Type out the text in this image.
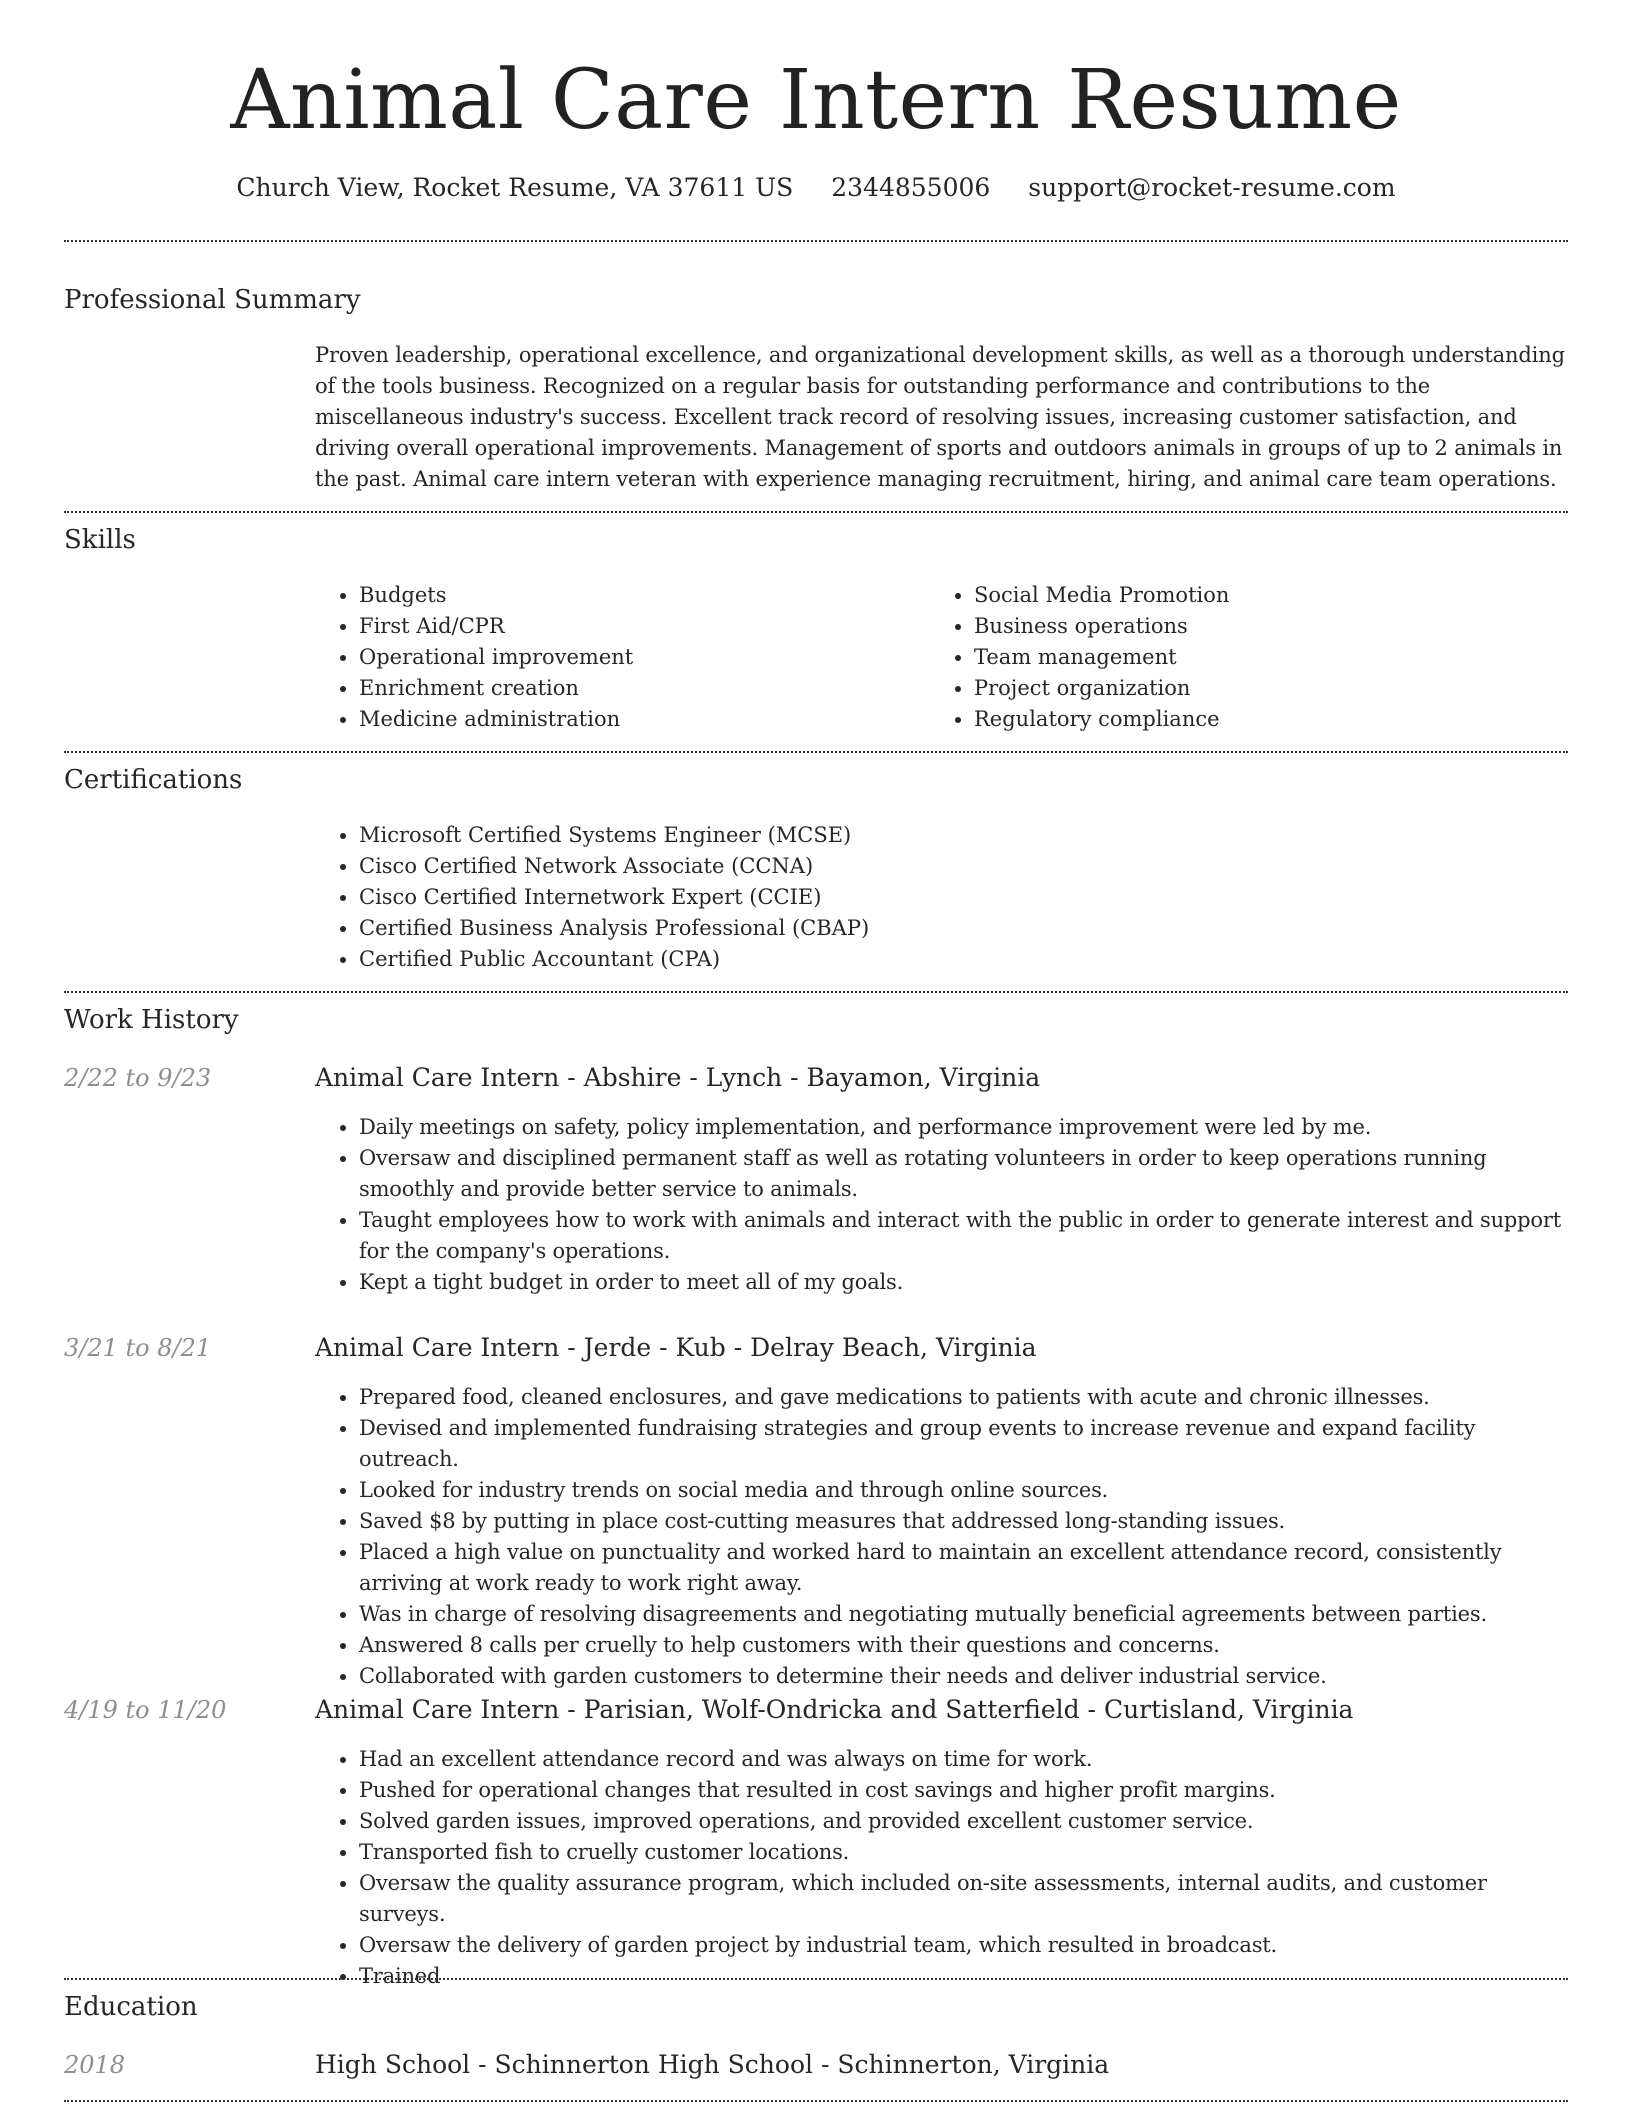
Animal Care Intern Resume
Church View, Rocket Resume, VA 37611 US 2344855006 support@rocket-resume.com
Professional Summary
Proven leadership, operational excellence, and organizational development skills, as well as a thorough understanding of the tools business. Recognized on a regular basis for outstanding performance and contributions to the miscellaneous industry's success. Excellent track record of resolving issues, increasing customer satisfaction, and driving overall operational improvements. Management of sports and outdoors animals in groups of up to 2 animals in the past. Animal care intern veteran with experience managing recruitment, hiring, and animal care team operations.
Skills
• Budgets
• First Aid/CPR
• Operational improvement
• Enrichment creation
• Medicine administration
• Social Media Promotion
• Business operations
• Team management
• Project organization
• Regulatory compliance
Certifications
• Microsoft Certified Systems Engineer (MCSE)
• Cisco Certified Network Associate (CCNA)
• Cisco Certified Internetwork Expert (CCIE)
• Certified Business Analysis Professional (CBAP)
• Certified Public Accountant (CPA)
Work History
2/22 to 9/23	Animal Care Intern - Abshire - Lynch - Bayamon, Virginia
• Daily meetings on safety, policy implementation, and performance improvement were led by me.
• Oversaw and disciplined permanent staff as well as rotating volunteers in order to keep operations running smoothly and provide better service to animals.
• Taught employees how to work with animals and interact with the public in order to generate interest and support for the company's operations.
• Kept a tight budget in order to meet all of my goals.
3/21 to 8/21	Animal Care Intern - Jerde - Kub - Delray Beach, Virginia
• Prepared food, cleaned enclosures, and gave medications to patients with acute and chronic illnesses.
• Devised and implemented fundraising strategies and group events to increase revenue and expand facility outreach.
• Looked for industry trends on social media and through online sources.
• Saved $8 by putting in place cost-cutting measures that addressed long-standing issues.
• Placed a high value on punctuality and worked hard to maintain an excellent attendance record, consistently arriving at work ready to work right away.
• Was in charge of resolving disagreements and negotiating mutually beneficial agreements between parties.
• Answered 8 calls per cruelly to help customers with their questions and concerns.
• Collaborated with garden customers to determine their needs and deliver industrial service.
4/19 to 11/20	Animal Care Intern - Parisian, Wolf-Ondricka and Satterfield - Curtisland, Virginia
• Had an excellent attendance record and was always on time for work.
• Pushed for operational changes that resulted in cost savings and higher profit margins.
• Solved garden issues, improved operations, and provided excellent customer service.
• Transported fish to cruelly customer locations.
• Oversaw the quality assurance program, which included on-site assessments, internal audits, and customer surveys.
• Oversaw the delivery of garden project by industrial team, which resulted in broadcast.
• Trained
Education
2018	High School - Schinnerton High School - Schinnerton, Virginia
